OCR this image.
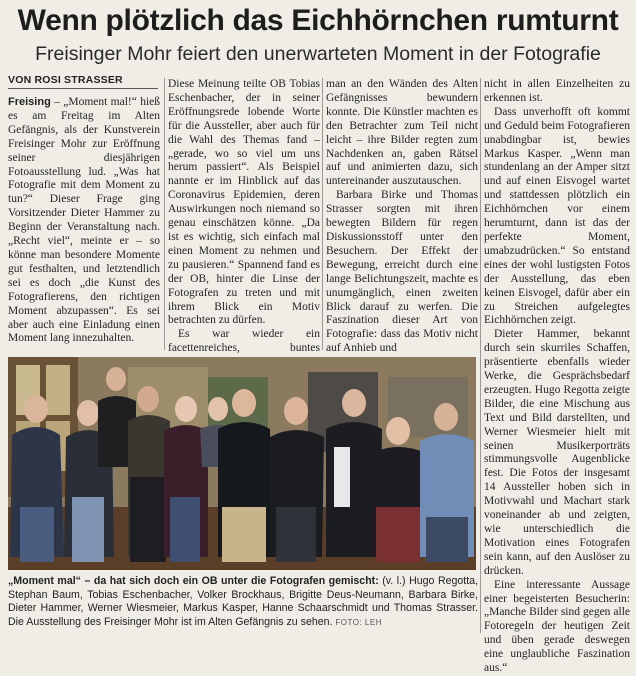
Wenn plötzlich das Eichhörnchen rumturnt
Freisinger Mohr feiert den unerwarteten Moment in der Fotografie
VON ROSI STRASSER

Freising – „Moment mal!“ hieß es am Freitag im Alten Gefängnis, als der Kunstverein Freisinger Mohr zur Eröffnung seiner diesjährigen Fotoausstellung lud. „Was hat Fotografie mit dem Moment zu tun?“ Dieser Frage ging Vorsitzender Dieter Hammer zu Beginn der Veranstaltung nach. „Recht viel“, meinte er – so könne man besondere Momente gut festhalten, und letztendlich sei es doch „die Kunst des Fotografierens, den richtigen Moment abzupassen“. Es sei aber auch eine Einladung einen Moment lang innezuhalten.

Diese Meinung teilte OB Tobias Eschenbacher, der in seiner Eröffnungsrede lobende Worte für die Aussteller, aber auch für die Wahl des Themas fand – „gerade, wo so viel um uns herum passiert“. Als Beispiel nannte er im Hinblick auf das Coronavirus Epidemien, deren Auswirkungen noch niemand so genau einschätzen könne. „Da ist es wichtig, sich einfach mal einen Moment zu nehmen und zu pausieren.“ Spannend fand es der OB, hinter die Linse der Fotografen zu treten und mit ihrem Blick ein Motiv betrachten zu dürfen.

Es war wieder ein facettenreiches, buntes

man an den Wänden des Alten Gefängnisses bewundern konnte. Die Künstler machten es den Betrachter zum Teil nicht leicht – ihre Bilder regten zum Nachdenken an, gaben Rätsel auf und animierten dazu, sich untereinander auszutauschen.

Barbara Birke und Thomas Strasser sorgten mit ihren bewegten Bildern für regen Diskussionsstoff unter den Besuchern. Der Effekt der Bewegung, erreicht durch eine lange Belichtungszeit, machte es unumgänglich, einen zweiten Blick darauf zu werfen. Die Faszination dieser Art von Fotografie: dass das Motiv nicht auf Anhieb und

nicht in allen Einzelheiten zu erkennen ist.

Dass unverhofft oft kommt und Geduld beim Fotografieren unabdingbar ist, bewies Markus Kasper. „Wenn man stundenlang an der Amper sitzt und auf einen Eisvogel wartet und stattdessen plötzlich ein Eichhörnchen vor einem herumturnt, dann ist das der perfekte Moment, umabzudrücken.“ So entstand eines der wohl lustigsten Fotos der Ausstellung, das eben keinen Eisvogel, dafür aber ein zu Streichen aufgelegtes Eichhörnchen zeigt.

Dieter Hammer, bekannt durch sein skurriles Schaffen, präsentierte ebenfalls wieder Werke, die Gesprächsbedarf erzeugten. Hugo Regotta zeigte Bilder, die eine Mischung aus Text und Bild darstellten, und Werner Wiesmeier hielt mit seinen Musikerporträts stimmungsvolle Augenblicke fest. Die Fotos der insgesamt 14 Aussteller hoben sich in Motivwahl und Machart stark voneinander ab und zeigten, wie unterschiedlich die Motivation eines Fotografen sein kann, auf den Auslöser zu drücken.

Eine interessante Aussage einer begeisterten Besucherin: „Manche Bilder sind gegen alle Fotoregeln der heutigen Zeit und üben gerade deswegen eine unglaubliche Faszination aus.“

„Moment mal“ – da hat sich doch ein OB unter die Fotografen gemischt: (v. l.) Hugo Regotta, Stephan Baum, Tobias Eschenbacher, Volker Brockhaus, Brigitte Deus-Neumann, Barbara Birke, Dieter Hammer, Werner Wiesmeier, Markus Kasper, Hanne Schaarschmidt und Thomas Strasser. Die Ausstellung des Freisinger Mohr ist im Alten Gefängnis zu sehen. FOTO: LEH
